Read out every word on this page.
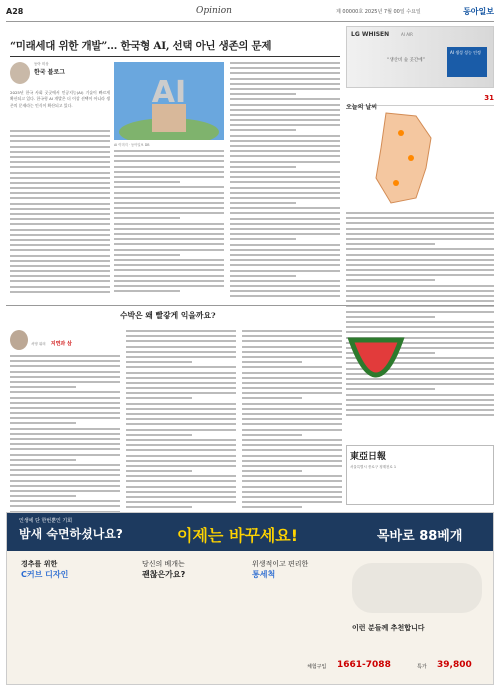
A28	Opinion	제 00000호 2025년 7월 00일 수요일	동아일보
“미래세대 위한 개발”… 한국형 AI, 선택 아닌 생존의 문제
동아 미상
한국 블로그

2025년 한국 사회 곳곳에서 인공지능(AI) 기술이 빠르게 확산되고 있다. 한국형 AI 개발은 더 이상 선택이 아니라 생존의 문제라는 인식이 확산되고 있다.	AI
AI 이미지 · 동아일보 DB
LG WHISEN	AI AIR
“생산비 숲 곳간에”
AI 생성 성능 인정
오늘의 날씨
31
수박은 왜 빨갛게 익을까요?
서영 위의 지연과 삼
東亞日報
서울특별시 종로구 청계천로 1
인생에 단 한번뿐인 기회
밤새 숙면하셨나요?	이제는 바꾸세요!	목바로 88베개
경추를 위한
C커브 디자인
당신의 베개는
괜찮은가요?
위생적이고 편리한
통세척
이런 분들께 추천합니다
체험구입 1661-7088	특가 39,800
